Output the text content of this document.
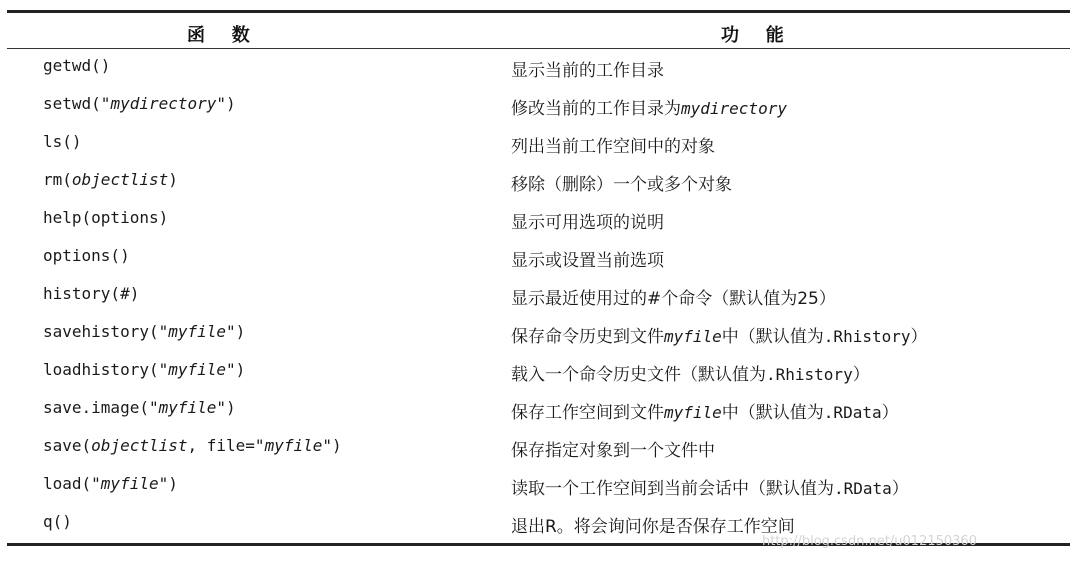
函   数	功   能
getwd()	显示当前的工作目录
setwd("mydirectory")	修改当前的工作目录为mydirectory
ls()	列出当前工作空间中的对象
rm(objectlist)	移除（删除）一个或多个对象
help(options)	显示可用选项的说明
options()	显示或设置当前选项
history(#)	显示最近使用过的#个命令（默认值为25）
savehistory("myfile")	保存命令历史到文件myfile中（默认值为.Rhistory）
loadhistory("myfile")	载入一个命令历史文件（默认值为.Rhistory）
save.image("myfile")	保存工作空间到文件myfile中（默认值为.RData）
save(objectlist, file="myfile")	保存指定对象到一个文件中
load("myfile")	读取一个工作空间到当前会话中（默认值为.RData）
q()	退出R。将会询问你是否保存工作空间
http://blog.csdn.net/u012150360
